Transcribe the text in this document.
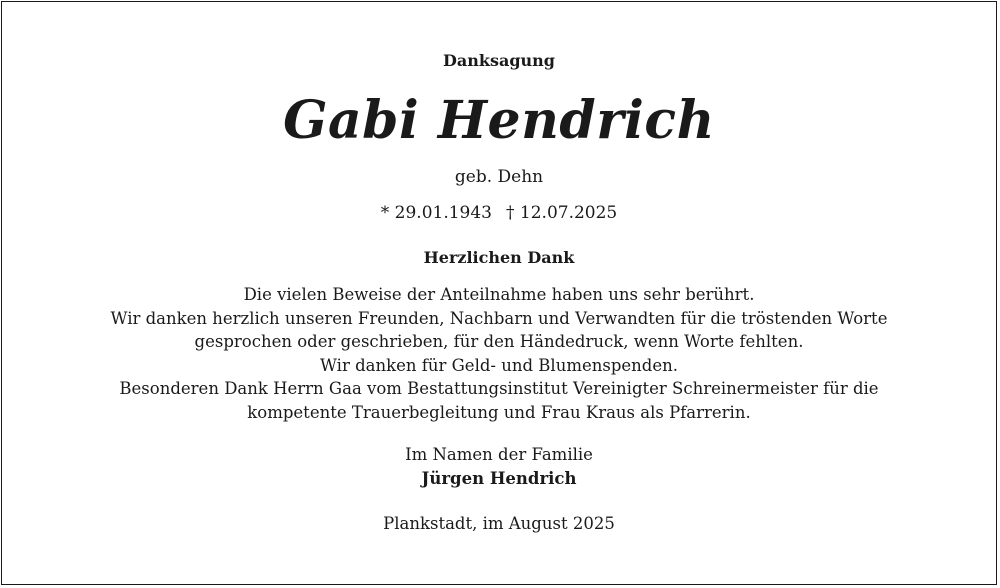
Danksagung
Gabi Hendrich
geb. Dehn
* 29.01.1943 † 12.07.2025
Herzlichen Dank
Die vielen Beweise der Anteilnahme haben uns sehr berührt.
Wir danken herzlich unseren Freunden, Nachbarn und Verwandten für die tröstenden Worte
gesprochen oder geschrieben, für den Händedruck, wenn Worte fehlten.
Wir danken für Geld- und Blumenspenden.
Besonderen Dank Herrn Gaa vom Bestattungsinstitut Vereinigter Schreinermeister für die
kompetente Trauerbegleitung und Frau Kraus als Pfarrerin.
Im Namen der Familie
Jürgen Hendrich
Plankstadt, im August 2025
